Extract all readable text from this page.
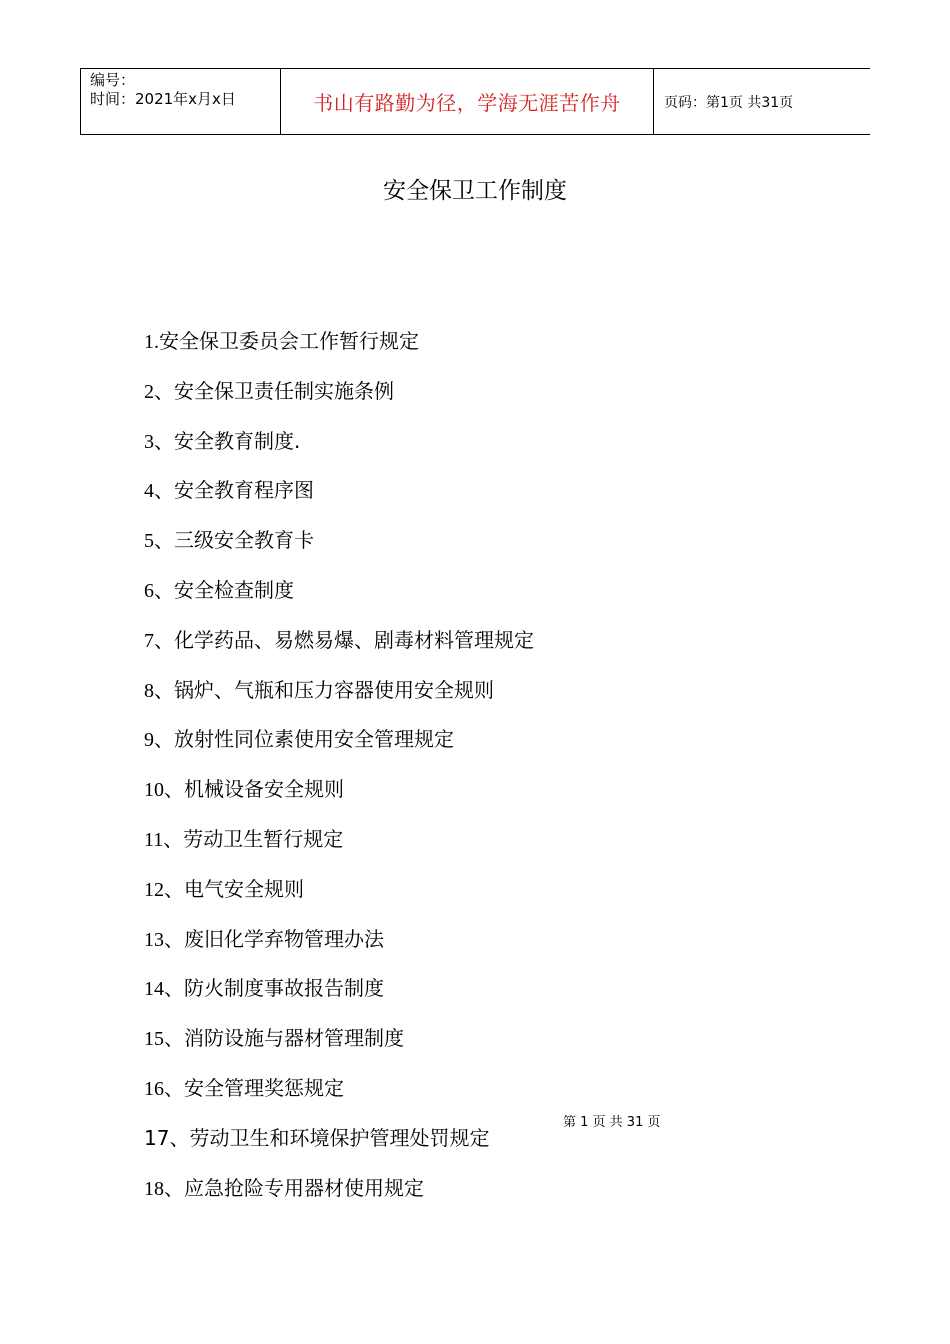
编号：
时间：2021年x月x日	书山有路勤为径，学海无涯苦作舟	页码：第1页 共31页
安全保卫工作制度
1.安全保卫委员会工作暂行规定
2、安全保卫责任制实施条例
3、安全教育制度.
4、安全教育程序图
5、三级安全教育卡
6、安全检查制度
7、化学药品、易燃易爆、剧毒材料管理规定
8、锅炉、气瓶和压力容器使用安全规则
9、放射性同位素使用安全管理规定
10、机械设备安全规则
11、劳动卫生暂行规定
12、电气安全规则
13、废旧化学弃物管理办法
14、防火制度事故报告制度
15、消防设施与器材管理制度
16、安全管理奖惩规定
17、劳动卫生和环境保护管理处罚规定
18、应急抢险专用器材使用规定
第 1 页 共 31 页
